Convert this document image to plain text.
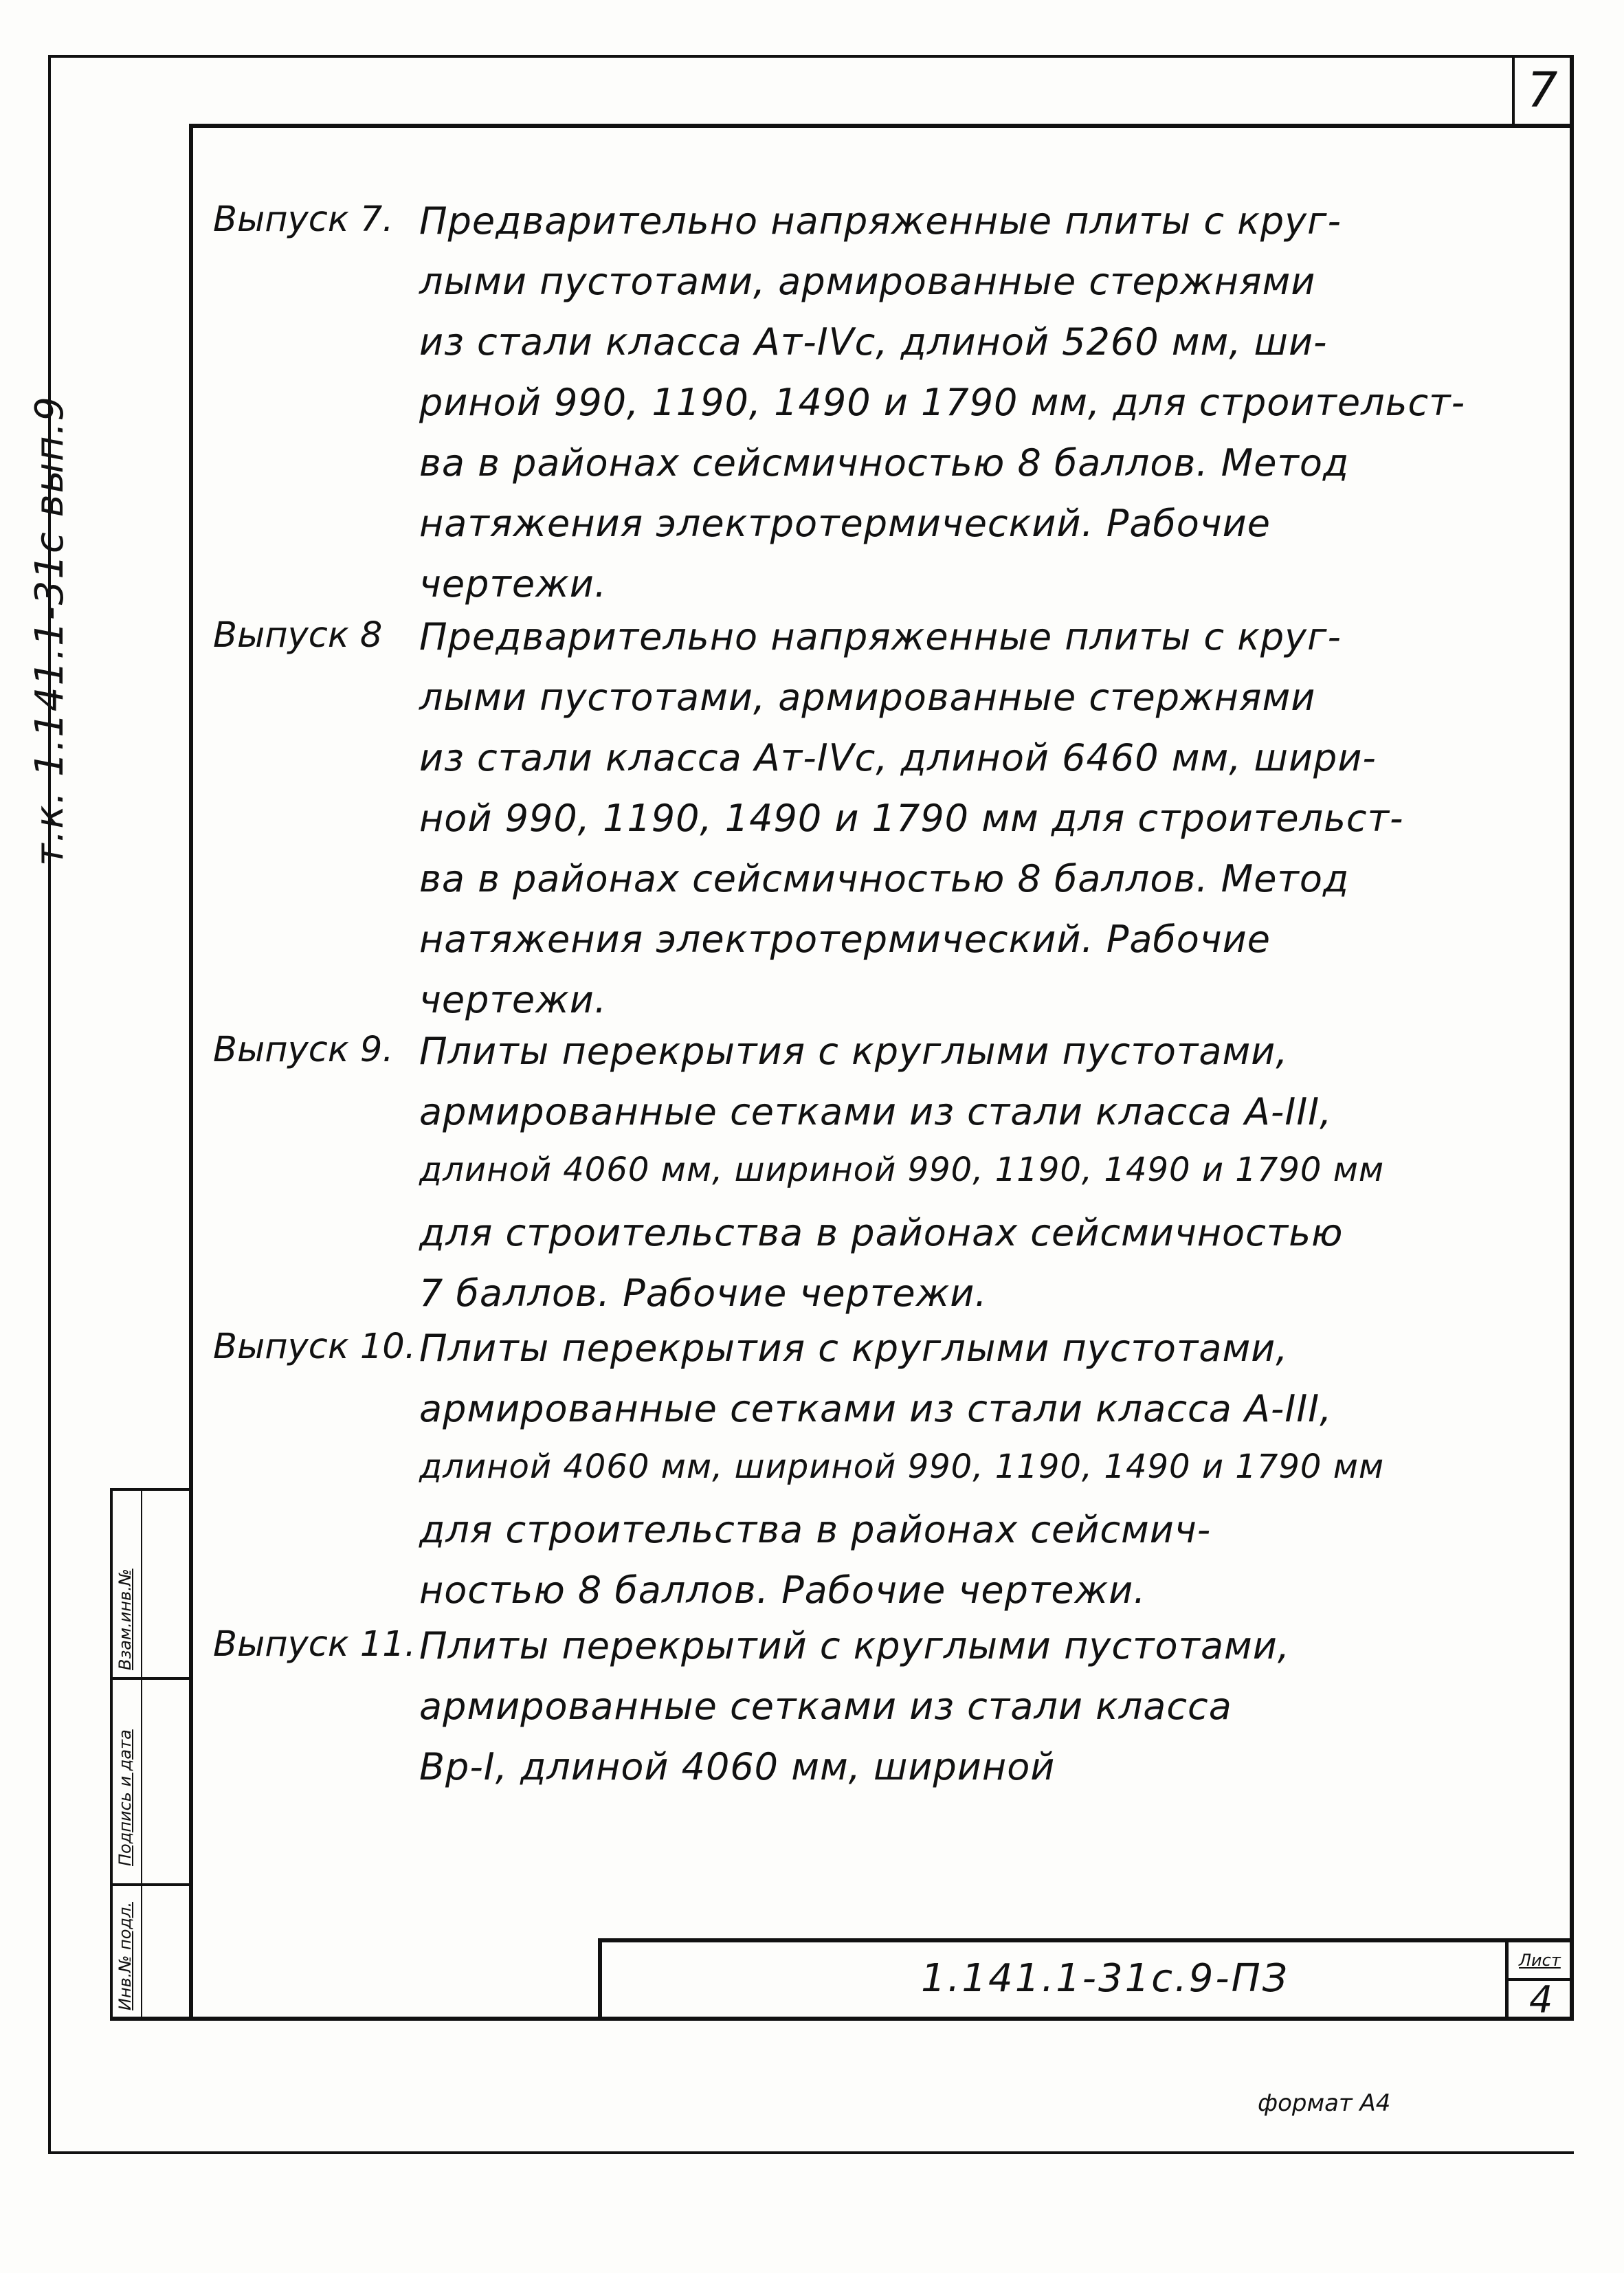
7
т.к. 1.141.1-31с вып.9
Инв.№ подл.
Подпись и дата
Взам.инв.№
Выпуск 7. Предварительно напряженные плиты с круг-
лыми пустотами, армированные стержнями
из стали класса Ат-IVc, длиной 5260 мм, ши-
риной 990, 1190, 1490 и 1790 мм, для строительст-
ва в районах сейсмичностью 8 баллов. Метод
натяжения электротермический. Рабочие
чертежи.
Выпуск 8 Предварительно напряженные плиты с круг-
лыми пустотами, армированные стержнями
из стали класса Ат-IVс, длиной 6460 мм, шири-
ной 990, 1190, 1490 и 1790 мм для строительст-
ва в районах сейсмичностью 8 баллов. Метод
натяжения электротермический. Рабочие
чертежи.
Выпуск 9. Плиты перекрытия с круглыми пустотами,
армированные сетками из стали класса А-III,
длиной 4060 мм, шириной 990, 1190, 1490 и 1790 мм
для строительства в районах сейсмичностью
7 баллов. Рабочие чертежи.
Выпуск 10. Плиты перекрытия с круглыми пустотами,
армированные сетками из стали класса А-III,
длиной 4060 мм, шириной 990, 1190, 1490 и 1790 мм
для строительства в районах сейсмич-
ностью 8 баллов. Рабочие чертежи.
Выпуск 11. Плиты перекрытий с круглыми пустотами,
армированные сетками из стали класса
Вр-I, длиной 4060 мм, шириной
1.141.1-31с.9-ПЗ	Лист
4
формат А4
